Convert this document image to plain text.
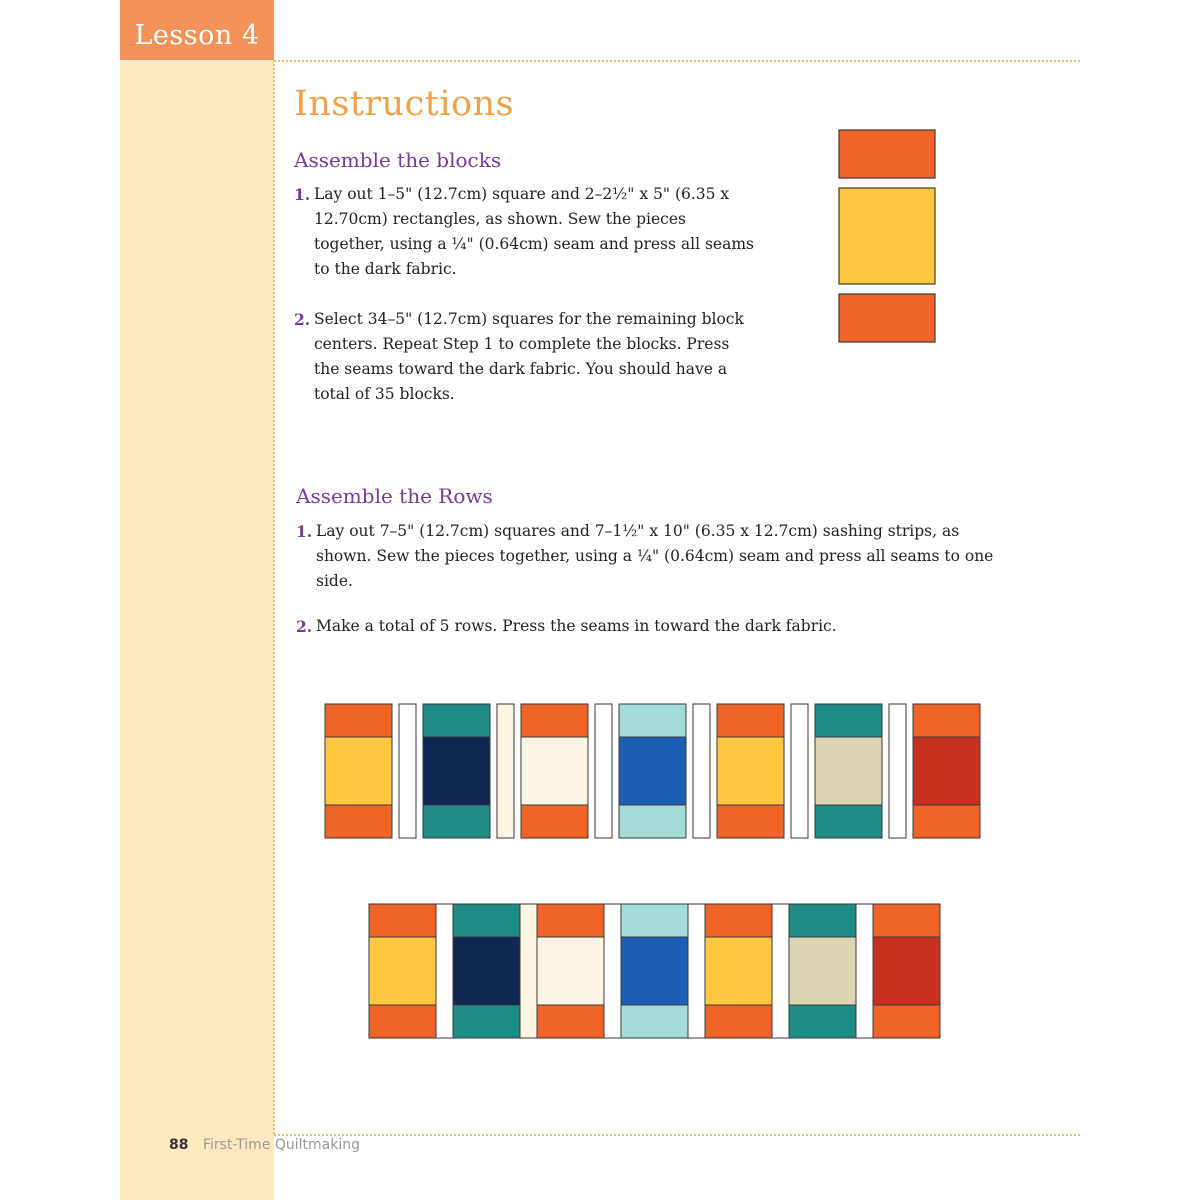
Lesson 4
Instructions
Assemble the blocks
1. Lay out 1–5" (12.7cm) square and 2–2½" x 5" (6.35 x 12.70cm) rectangles, as shown. Sew the pieces together, using a ¼" (0.64cm) seam and press all seams to the dark fabric.
2. Select 34–5" (12.7cm) squares for the remaining block centers. Repeat Step 1 to complete the blocks. Press the seams toward the dark fabric. You should have a total of 35 blocks.
Assemble the Rows
1. Lay out 7–5" (12.7cm) squares and 7–1½" x 10" (6.35 x 12.7cm) sashing strips, as shown. Sew the pieces together, using a ¼" (0.64cm) seam and press all seams to one side.
2. Make a total of 5 rows. Press the seams in toward the dark fabric.
88 First-Time Quiltmaking
